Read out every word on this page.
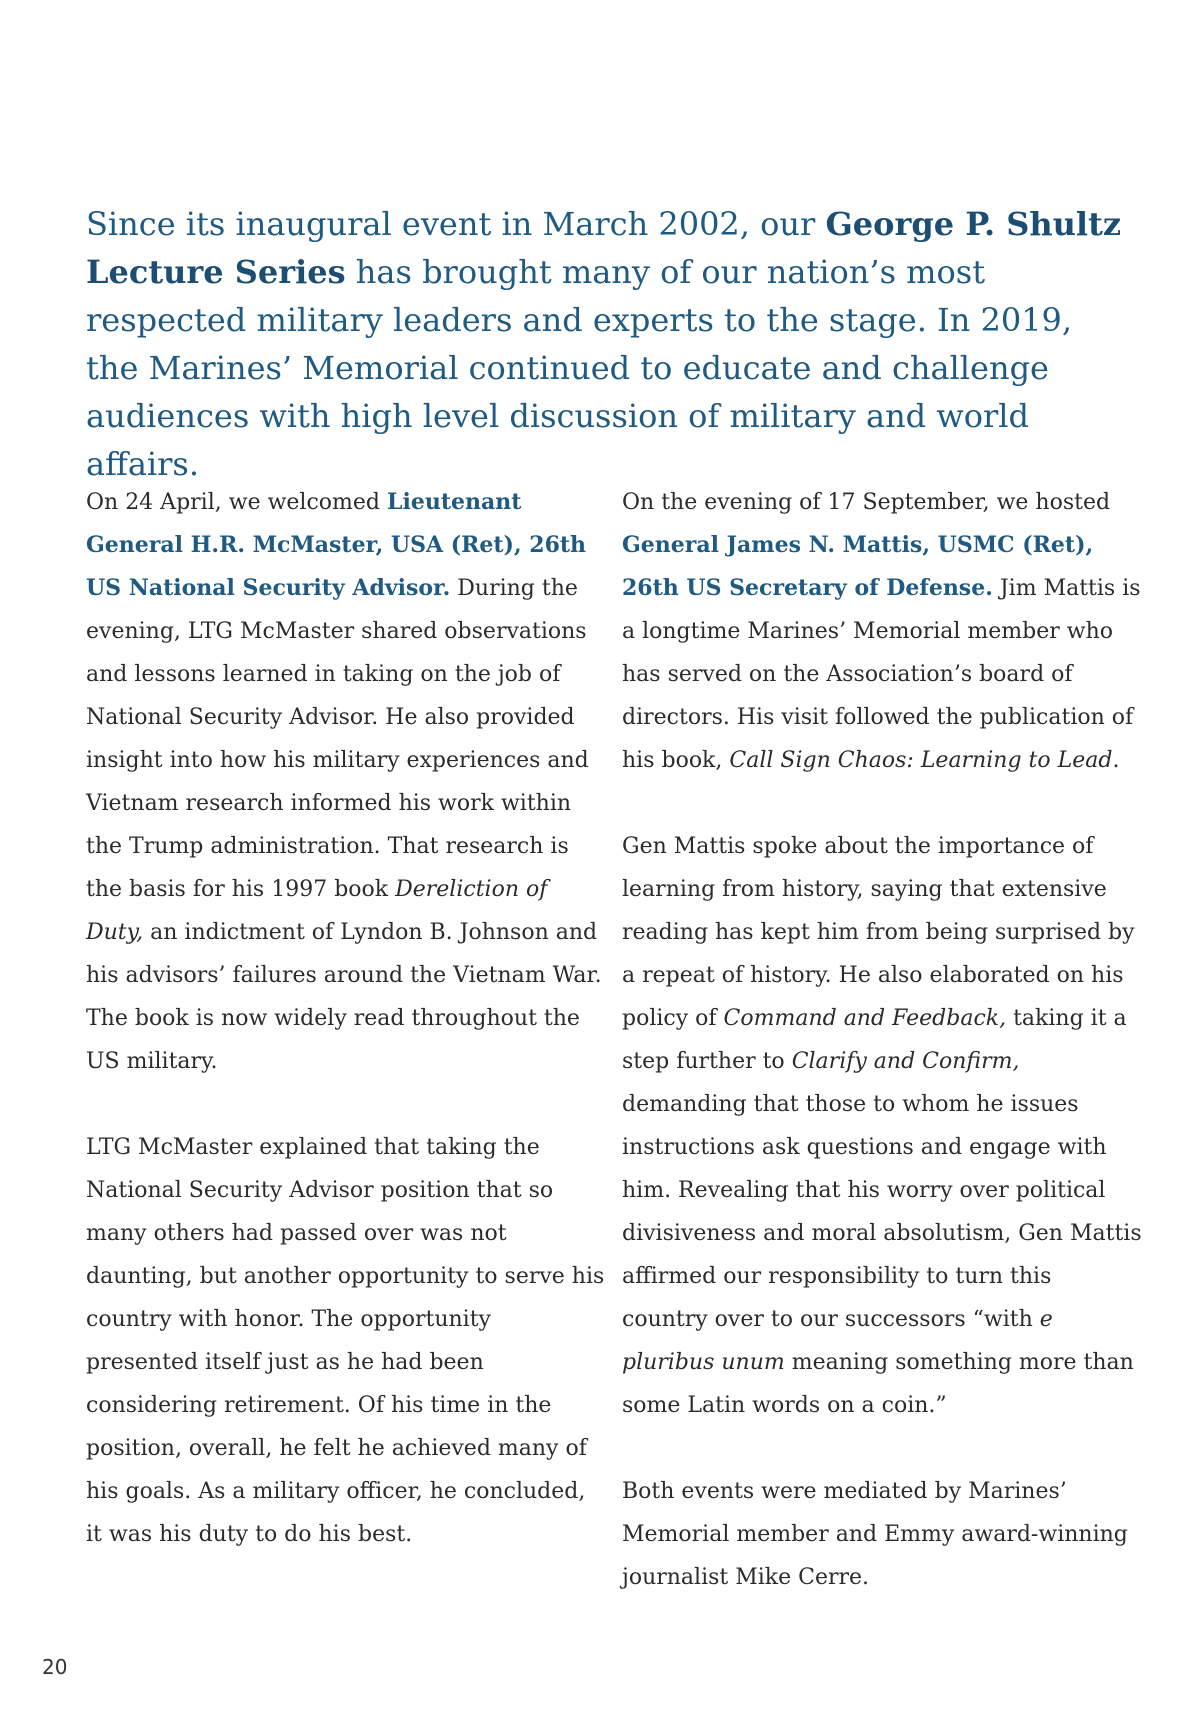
Since its inaugural event in March 2002, our George P. Shultz Lecture Series has brought many of our nation’s most respected military leaders and experts to the stage. In 2019, the Marines’ Memorial continued to educate and challenge audiences with high level discussion of military and world affairs.

On 24 April, we welcomed Lieutenant General H.R. McMaster, USA (Ret), 26th US National Security Advisor. During the evening, LTG McMaster shared observations and lessons learned in taking on the job of National Security Advisor. He also provided insight into how his military experiences and Vietnam research informed his work within the Trump administration. That research is the basis for his 1997 book Dereliction of Duty, an indictment of Lyndon B. Johnson and his advisors’ failures around the Vietnam War. The book is now widely read throughout the US military.

LTG McMaster explained that taking the National Security Advisor position that so many others had passed over was not daunting, but another opportunity to serve his country with honor. The opportunity presented itself just as he had been considering retirement. Of his time in the position, overall, he felt he achieved many of his goals. As a military officer, he concluded, it was his duty to do his best.

On the evening of 17 September, we hosted General James N. Mattis, USMC (Ret), 26th US Secretary of Defense. Jim Mattis is a longtime Marines’ Memorial member who has served on the Association’s board of directors. His visit followed the publication of his book, Call Sign Chaos: Learning to Lead.

Gen Mattis spoke about the importance of learning from history, saying that extensive reading has kept him from being surprised by a repeat of history. He also elaborated on his policy of Command and Feedback, taking it a step further to Clarify and Confirm, demanding that those to whom he issues instructions ask questions and engage with him. Revealing that his worry over political divisiveness and moral absolutism, Gen Mattis affirmed our responsibility to turn this country over to our successors “with e pluribus unum meaning something more than some Latin words on a coin.”

Both events were mediated by Marines’ Memorial member and Emmy award-winning journalist Mike Cerre.

20
